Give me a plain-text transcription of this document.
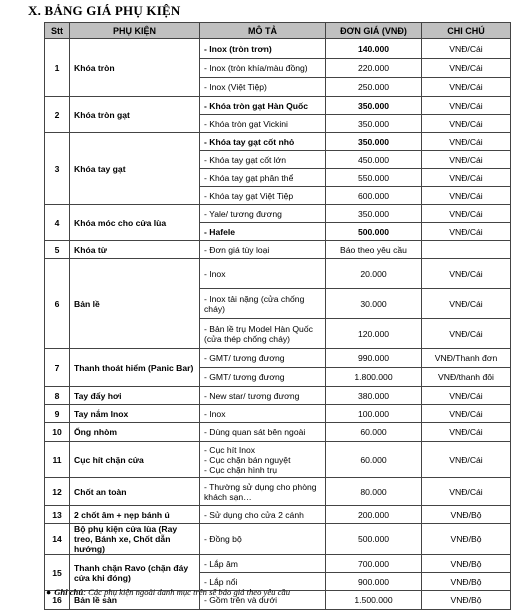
X. BẢNG GIÁ PHỤ KIỆN
Stt	PHỤ KIỆN	MÔ TẢ	ĐƠN GIÁ (VNĐ)	CHI CHÚ
1	Khóa tròn	- Inox (tròn trơn)	140.000	VNĐ/Cái
		- Inox (tròn khía/màu đồng)	220.000	VNĐ/Cái
		- Inox (Việt Tiệp)	250.000	VNĐ/Cái
2	Khóa tròn gạt	- Khóa tròn gạt Hàn Quốc	350.000	VNĐ/Cái
		- Khóa tròn gạt Vickini	350.000	VNĐ/Cái
3	Khóa tay gạt	- Khóa tay gạt cốt nhỏ	350.000	VNĐ/Cái
		- Khóa tay gạt cốt lớn	450.000	VNĐ/Cái
		- Khóa tay gạt phân thể	550.000	VNĐ/Cái
		- Khóa tay gạt Việt Tiệp	600.000	VNĐ/Cái
4	Khóa móc cho cửa lùa	- Yale/ tương đương	350.000	VNĐ/Cái
		- Hafele	500.000	VNĐ/Cái
5	Khóa từ	- Đơn giá tùy loại	Báo theo yêu cầu	
6	Bản lề	- Inox	20.000	VNĐ/Cái
		- Inox tải nặng (cửa chống cháy)	30.000	VNĐ/Cái
		- Bản lề trụ Model Hàn Quốc (cửa thép chống cháy)	120.000	VNĐ/Cái
7	Thanh thoát hiểm (Panic Bar)	- GMT/ tương đương	990.000	VNĐ/Thanh đơn
		- GMT/ tương đương	1.800.000	VNĐ/thanh đôi
8	Tay đẩy hơi	- New star/ tương đương	380.000	VNĐ/Cái
9	Tay nắm Inox	- Inox	100.000	VNĐ/Cái
10	Ống nhòm	- Dùng quan sát bên ngoài	60.000	VNĐ/Cái
11	Cục hít chặn cửa	- Cục hít Inox
- Cục chặn bán nguyệt
- Cục chặn hình trụ	60.000	VNĐ/Cái
12	Chốt an toàn	- Thường sử dụng cho phòng khách sạn…	80.000	VNĐ/Cái
13	2 chốt âm + nẹp bánh ú	- Sử dụng cho cửa 2 cánh	200.000	VNĐ/Bộ
14	Bộ phụ kiện cửa lùa (Ray treo, Bánh xe, Chốt dẫn hướng)	- Đồng bộ	500.000	VNĐ/Bộ
15	Thanh chặn Ravo (chặn đáy cửa khi đóng)	- Lắp âm	700.000	VNĐ/Bộ
		- Lắp nổi	900.000	VNĐ/Bộ
16	Bản lề sàn	- Gồm trên và dưới	1.500.000	VNĐ/Bộ
● Ghi chú: Các phụ kiện ngoài danh mục trên sẽ báo giá theo yêu cầu
